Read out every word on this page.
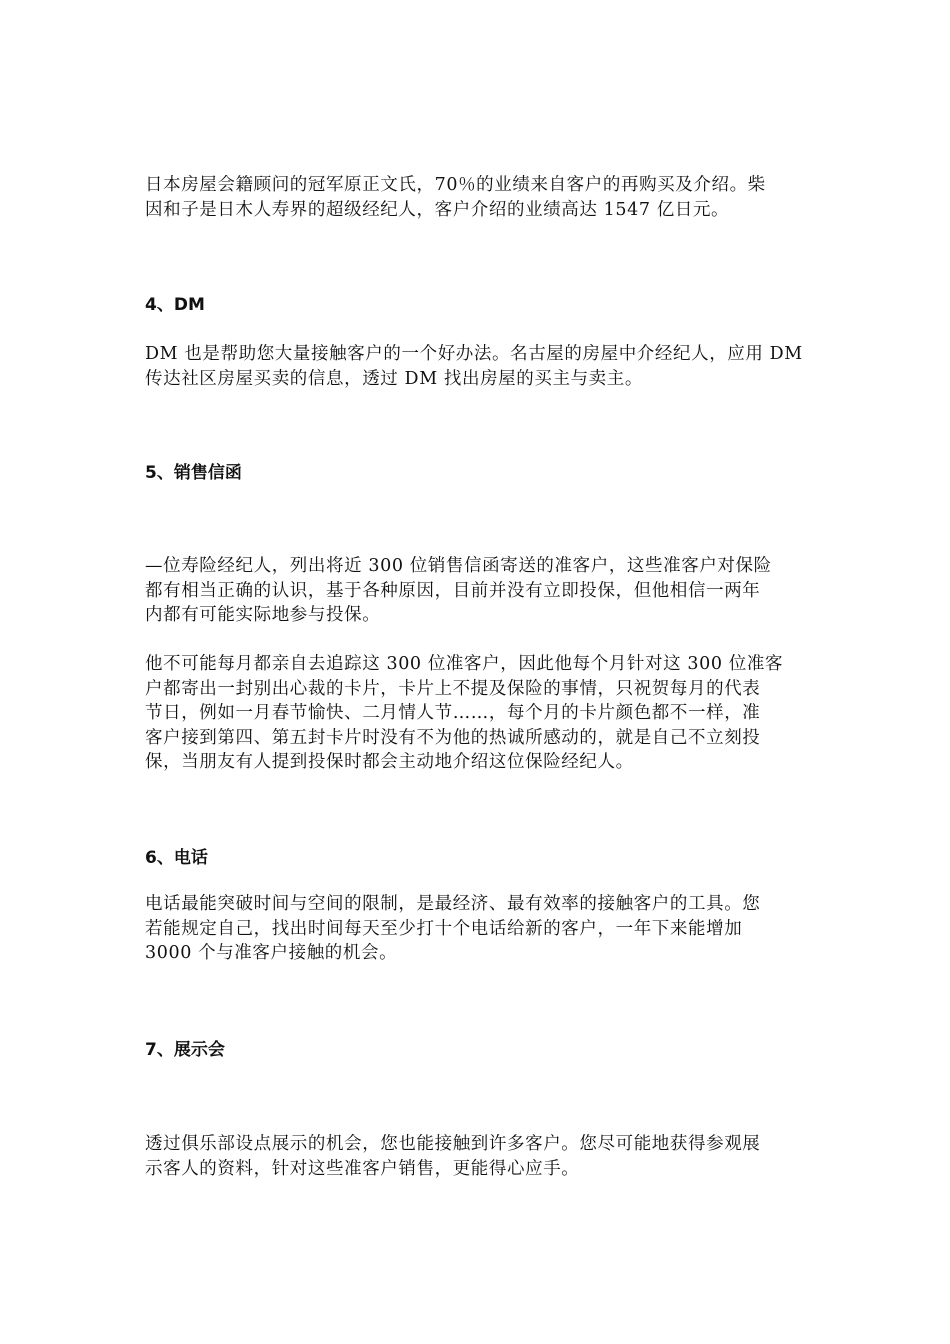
日本房屋会籍顾问的冠军原正文氏，70％的业绩来自客户的再购买及介绍。柴
因和子是日木人寿界的超级经纪人，客户介绍的业绩高达 1547 亿日元。

4、DM

DM 也是帮助您大量接触客户的一个好办法。名古屋的房屋中介经纪人，应用 DM
传达社区房屋买卖的信息，透过 DM 找出房屋的买主与卖主。

5、销售信函

—位寿险经纪人，列出将近 300 位销售信函寄送的准客户，这些准客户对保险
都有相当正确的认识，基于各种原因，目前并没有立即投保，但他相信一两年
内都有可能实际地参与投保。

他不可能每月都亲自去追踪这 300 位准客户，因此他每个月针对这 300 位准客
户都寄出一封别出心裁的卡片，卡片上不提及保险的事情，只祝贺每月的代表
节日，例如一月春节愉快、二月情人节……，每个月的卡片颜色都不一样，准
客户接到第四、第五封卡片时没有不为他的热诚所感动的，就是自己不立刻投
保，当朋友有人提到投保时都会主动地介绍这位保险经纪人。

6、电话

电话最能突破时间与空间的限制，是最经济、最有效率的接触客户的工具。您
若能规定自己，找出时间每天至少打十个电话给新的客户，一年下来能增加
3000 个与准客户接触的机会。

7、展示会

透过俱乐部设点展示的机会，您也能接触到许多客户。您尽可能地获得参观展
示客人的资料，针对这些准客户销售，更能得心应手。
